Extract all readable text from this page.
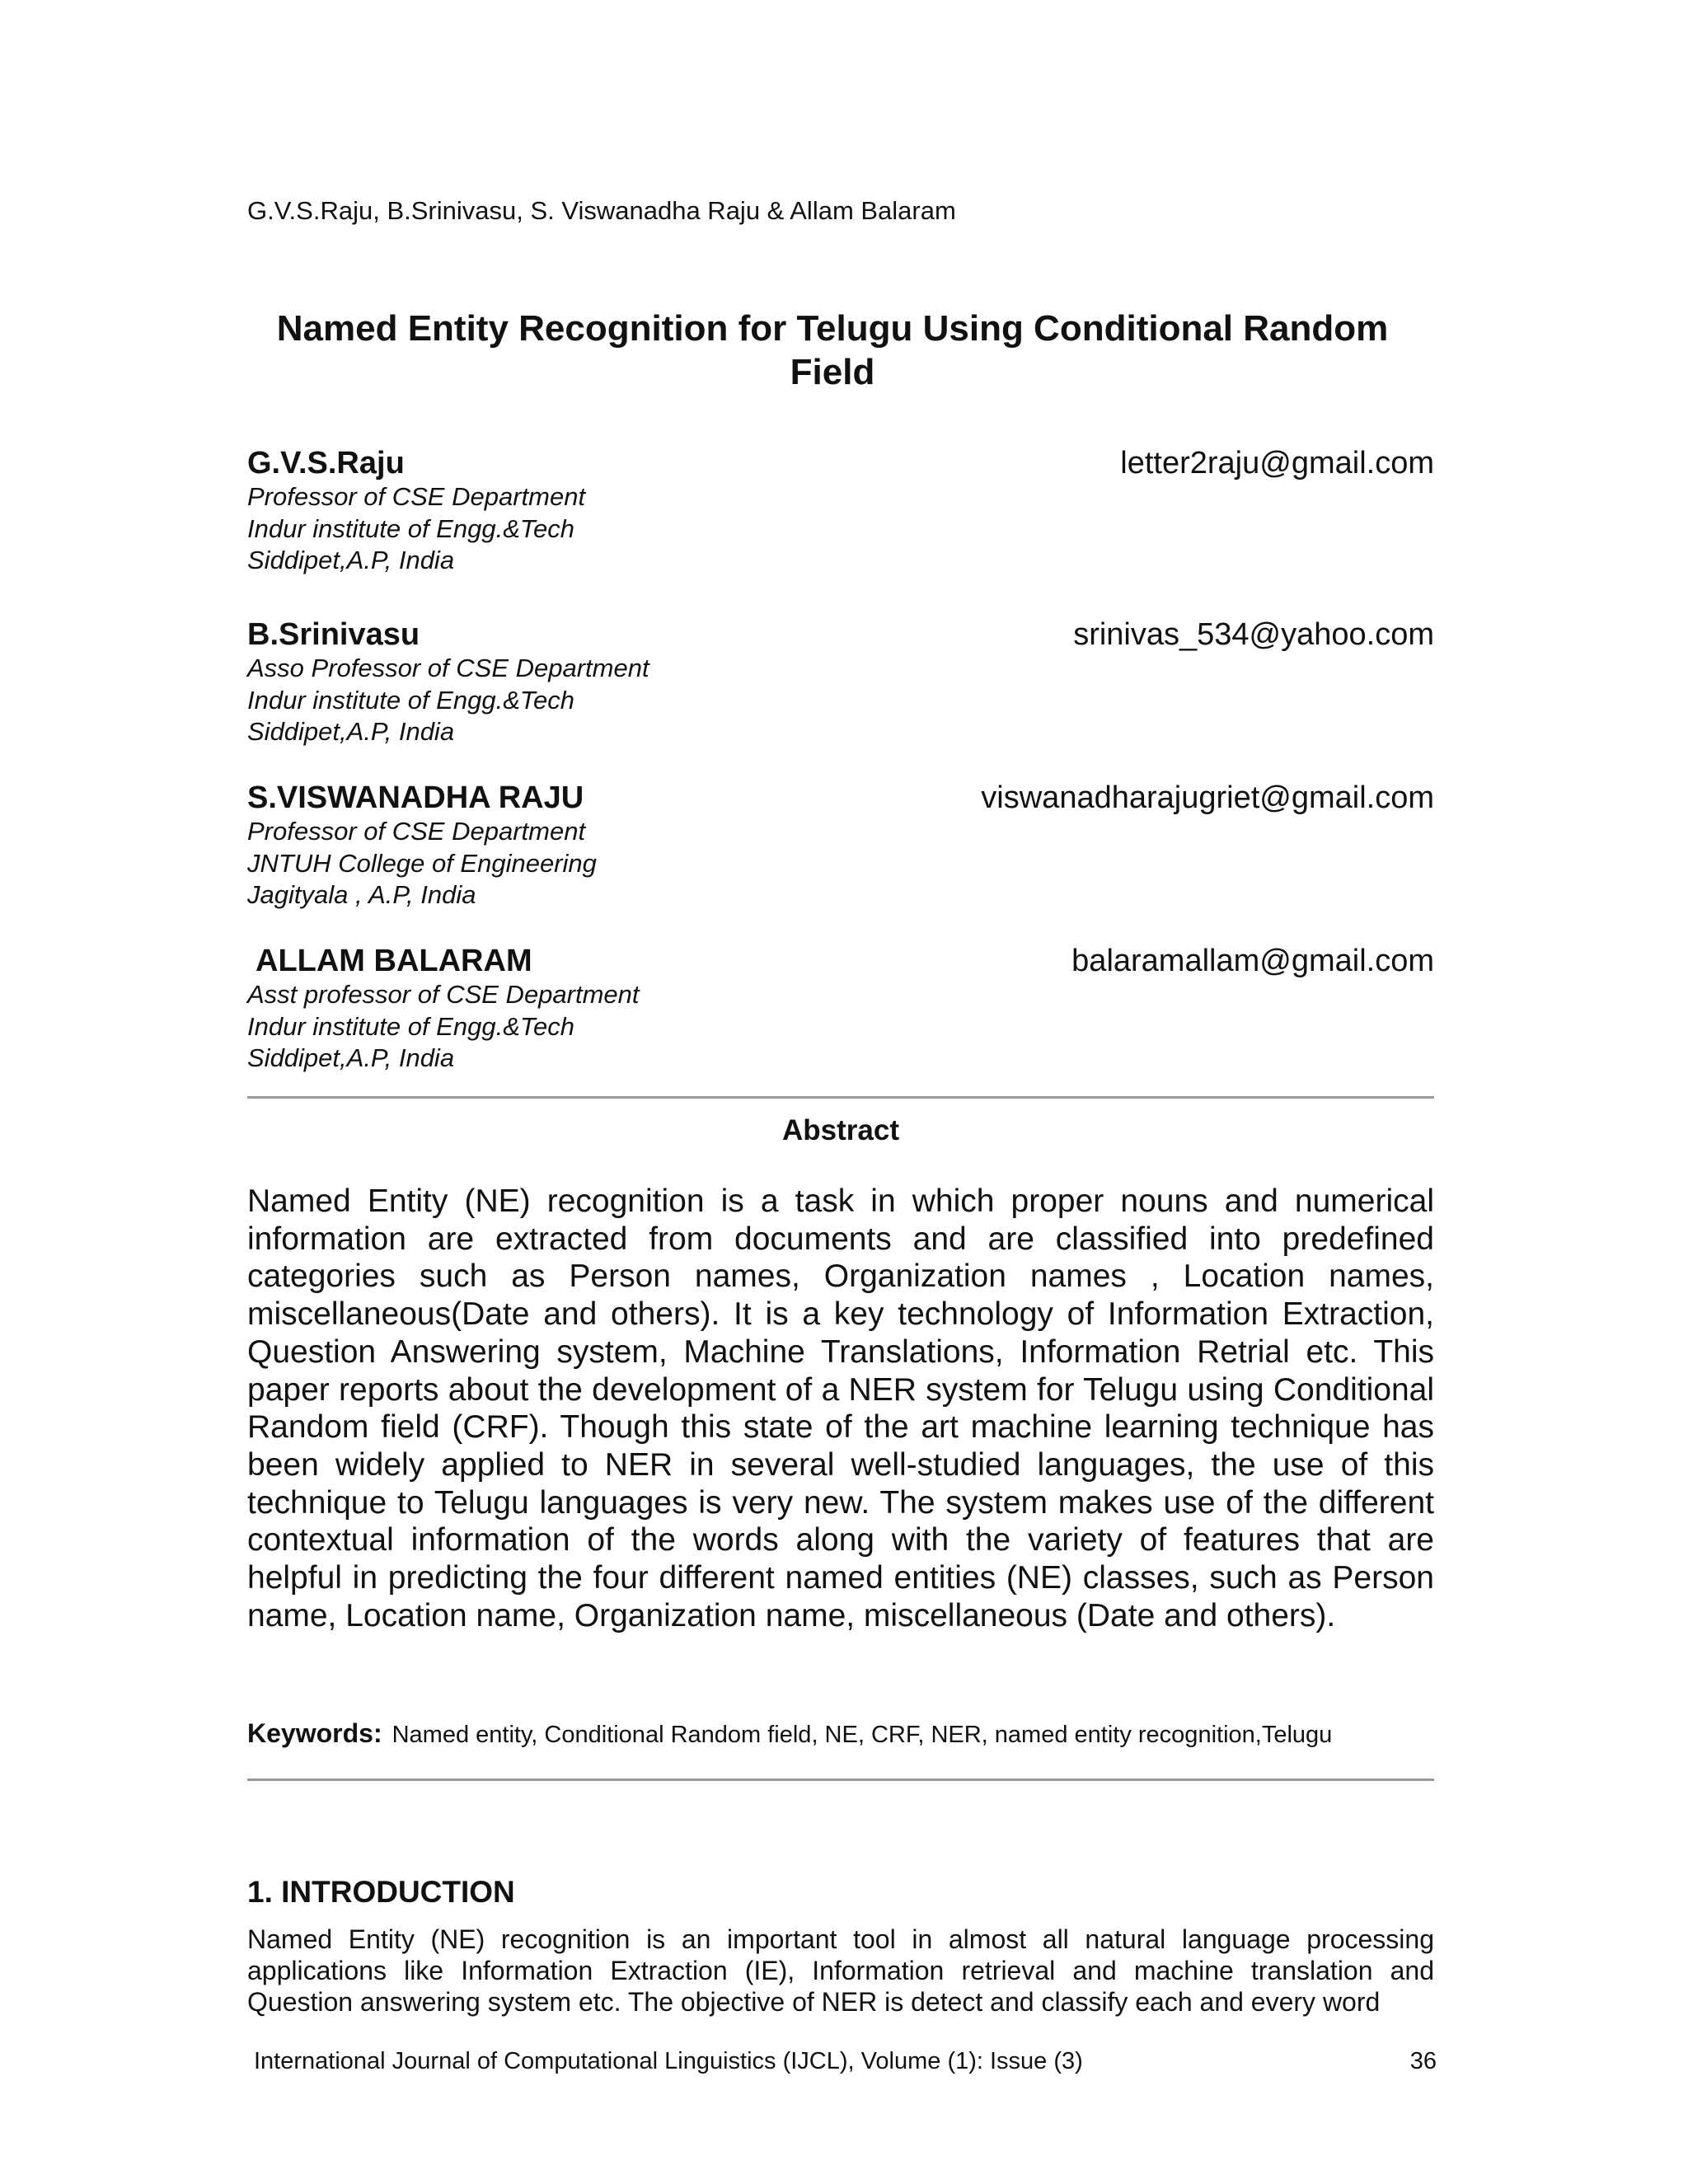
G.V.S.Raju, B.Srinivasu, S. Viswanadha Raju & Allam Balaram
Named Entity Recognition for Telugu Using Conditional Random Field
G.V.S.Raju	letter2raju@gmail.com
Professor of CSE Department
Indur institute of Engg.&Tech
Siddipet,A.P, India
B.Srinivasu	srinivas_534@yahoo.com
Asso Professor of CSE Department
Indur institute of Engg.&Tech
Siddipet,A.P, India
S.VISWANADHA RAJU	viswanadharajugriet@gmail.com
Professor of CSE Department
JNTUH College of Engineering
Jagityala , A.P, India
ALLAM BALARAM	balaramallam@gmail.com
Asst professor of CSE Department
Indur institute of Engg.&Tech
Siddipet,A.P, India
Abstract
Named Entity (NE) recognition is a task in which proper nouns and numerical information are extracted from documents and are classified into predefined categories such as Person names, Organization names , Location names, miscellaneous(Date and others). It is a key technology of Information Extraction, Question Answering system, Machine Translations, Information Retrial etc. This paper reports about the development of a NER system for Telugu using Conditional Random field (CRF). Though this state of the art machine learning technique has been widely applied to NER in several well-studied languages, the use of this technique to Telugu languages is very new. The system makes use of the different contextual information of the words along with the variety of features that are helpful in predicting the four different named entities (NE) classes, such as Person name, Location name, Organization name, miscellaneous (Date and others).
Keywords: Named entity, Conditional Random field, NE, CRF, NER, named entity recognition,Telugu
1. INTRODUCTION
Named Entity (NE) recognition is an important tool in almost all natural language processing applications like Information Extraction (IE), Information retrieval and machine translation and Question answering system etc. The objective of NER is detect and classify each and every word
International Journal of Computational Linguistics (IJCL), Volume (1): Issue (3)	36
